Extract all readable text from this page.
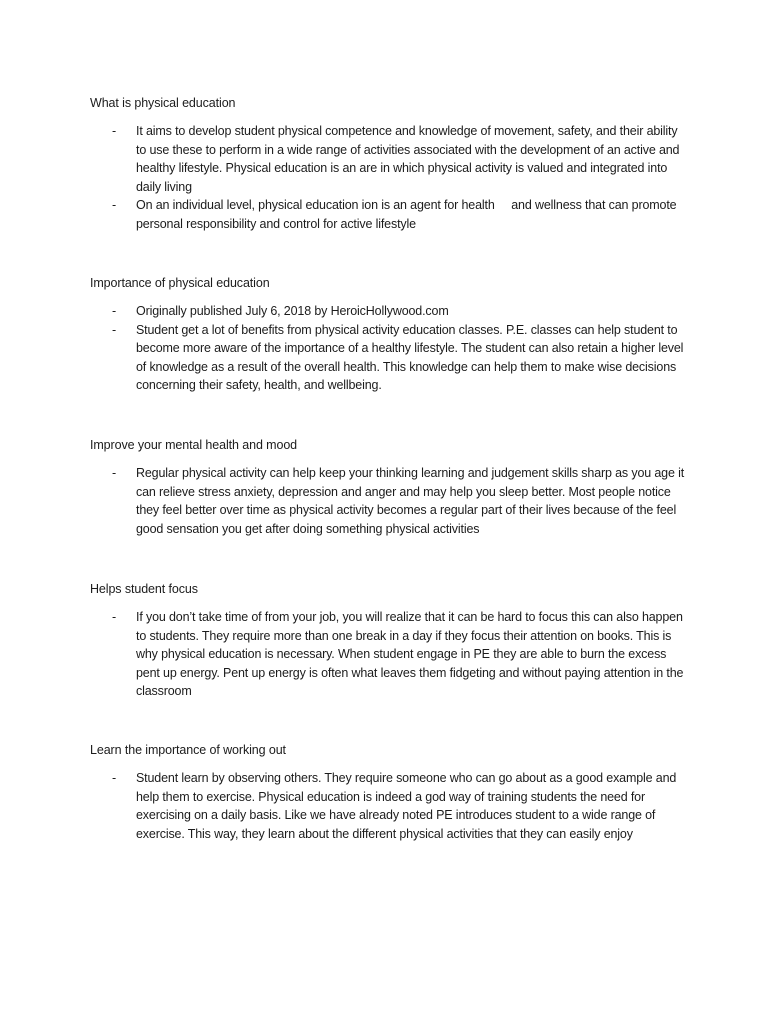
What is physical education
- It aims to develop student physical competence and knowledge of movement, safety, and their ability to use these to perform in a wide range of activities associated with the development of an active and healthy lifestyle. Physical education is an are in which physical activity is valued and integrated into daily living
- On an individual level, physical education ion is an agent for health     and wellness that can promote personal responsibility and control for active lifestyle
Importance of physical education
- Originally published July 6, 2018 by HeroicHollywood.com
- Student get a lot of benefits from physical activity education classes. P.E. classes can help student to become more aware of the importance of a healthy lifestyle. The student can also retain a higher level of knowledge as a result of the overall health. This knowledge can help them to make wise decisions concerning their safety, health, and wellbeing.
Improve your mental health and mood
- Regular physical activity can help keep your thinking learning and judgement skills sharp as you age it can relieve stress anxiety, depression and anger and may help you sleep better. Most people notice they feel better over time as physical activity becomes a regular part of their lives because of the feel good sensation you get after doing something physical activities
Helps student focus
- If you don’t take time of from your job, you will realize that it can be hard to focus this can also happen to students. They require more than one break in a day if they focus their attention on books. This is why physical education is necessary. When student engage in PE they are able to burn the excess pent up energy. Pent up energy is often what leaves them fidgeting and without paying attention in the classroom
Learn the importance of working out
- Student learn by observing others. They require someone who can go about as a good example and help them to exercise. Physical education is indeed a god way of training students the need for exercising on a daily basis. Like we have already noted PE introduces student to a wide range of exercise. This way, they learn about the different physical activities that they can easily enjoy
